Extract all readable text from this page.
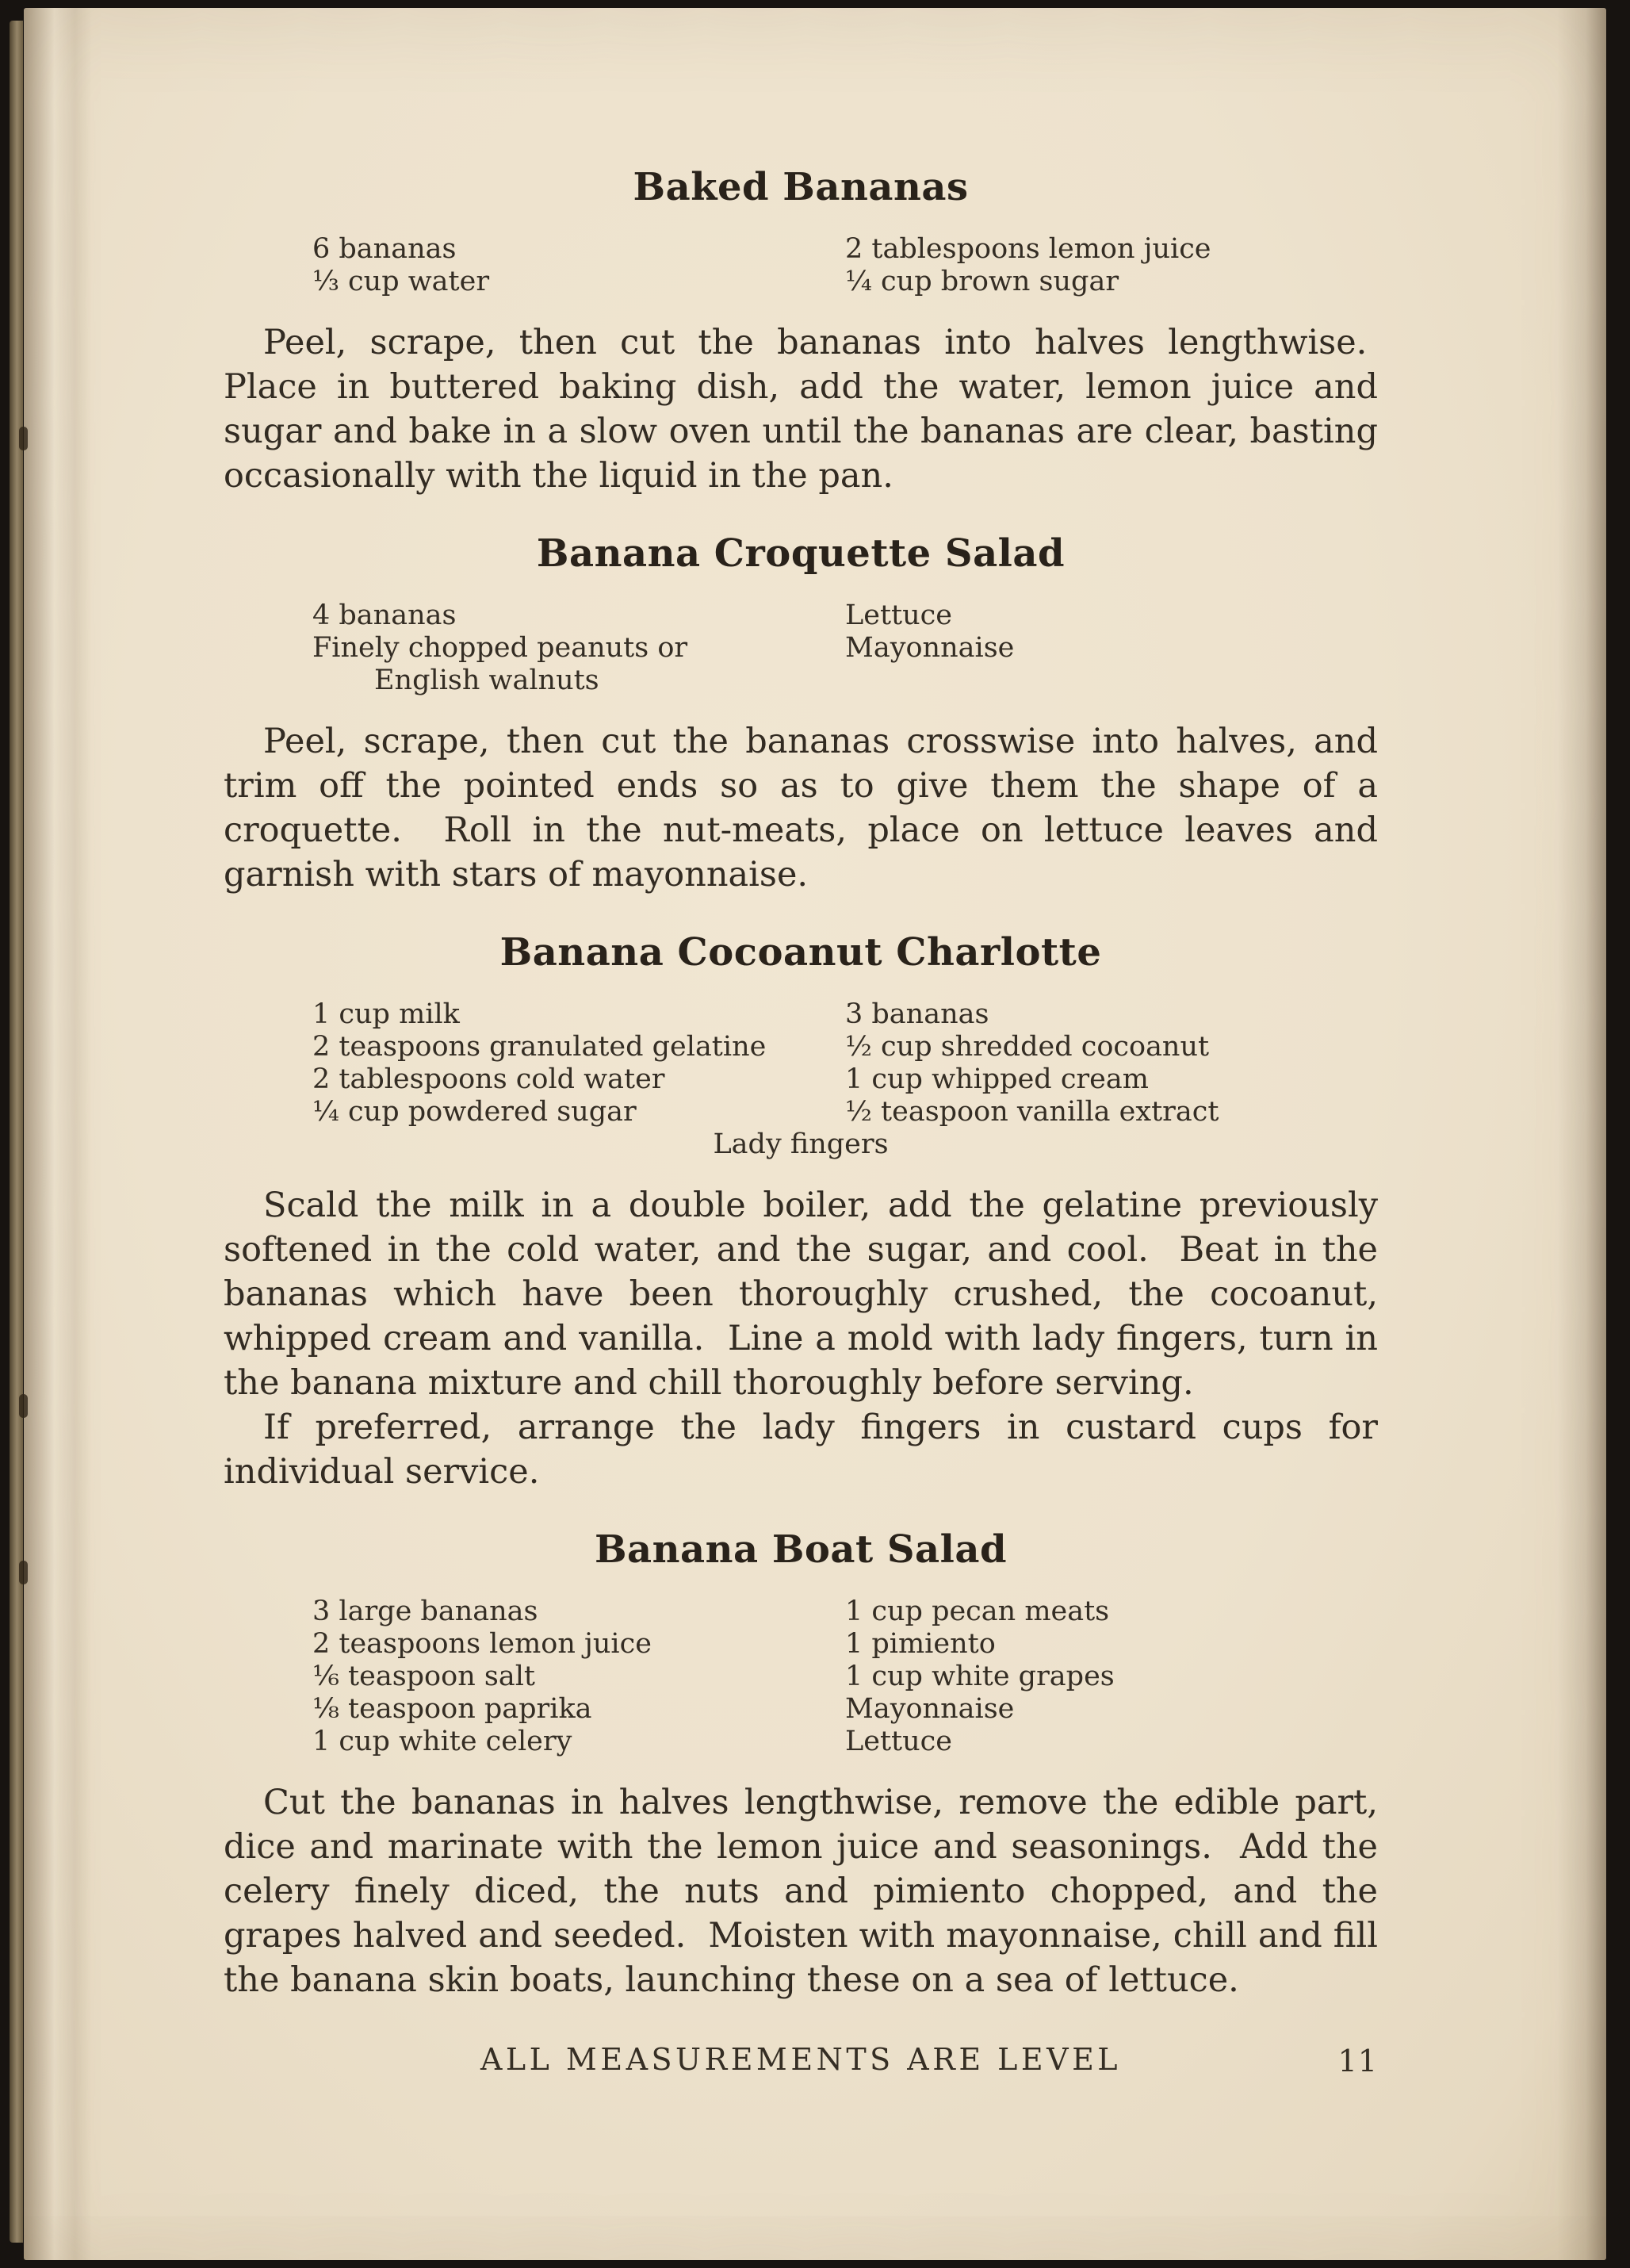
Baked Bananas
6 bananas
⅓ cup water
2 tablespoons lemon juice
¼ cup brown sugar

Peel, scrape, then cut the bananas into halves lengthwise.  Place in buttered baking dish, add the water, lemon juice and sugar and bake in a slow oven until the bananas are clear, basting occasionally with the liquid in the pan.

Banana Croquette Salad
4 bananas
Finely chopped peanuts or
English walnuts
Lettuce
Mayonnaise

Peel, scrape, then cut the bananas crosswise into halves, and trim off the pointed ends so as to give them the shape of a croquette.  Roll in the nut-meats, place on lettuce leaves and garnish with stars of mayonnaise.

Banana Cocoanut Charlotte
1 cup milk
2 teaspoons granulated gelatine
2 tablespoons cold water
¼ cup powdered sugar
3 bananas
½ cup shredded cocoanut
1 cup whipped cream
½ teaspoon vanilla extract
Lady fingers

Scald the milk in a double boiler, add the gelatine previously softened in the cold water, and the sugar, and cool.  Beat in the bananas which have been thoroughly crushed, the cocoanut, whipped cream and vanilla.  Line a mold with lady fingers, turn in the banana mixture and chill thoroughly before serving.

If preferred, arrange the lady fingers in custard cups for individual service.

Banana Boat Salad
3 large bananas
2 teaspoons lemon juice
⅙ teaspoon salt
⅛ teaspoon paprika
1 cup white celery
1 cup pecan meats
1 pimiento
1 cup white grapes
Mayonnaise
Lettuce

Cut the bananas in halves lengthwise, remove the edible part, dice and marinate with the lemon juice and seasonings.  Add the celery finely diced, the nuts and pimiento chopped, and the grapes halved and seeded.  Moisten with mayonnaise, chill and fill the banana skin boats, launching these on a sea of lettuce.

ALL MEASUREMENTS ARE LEVEL	11
